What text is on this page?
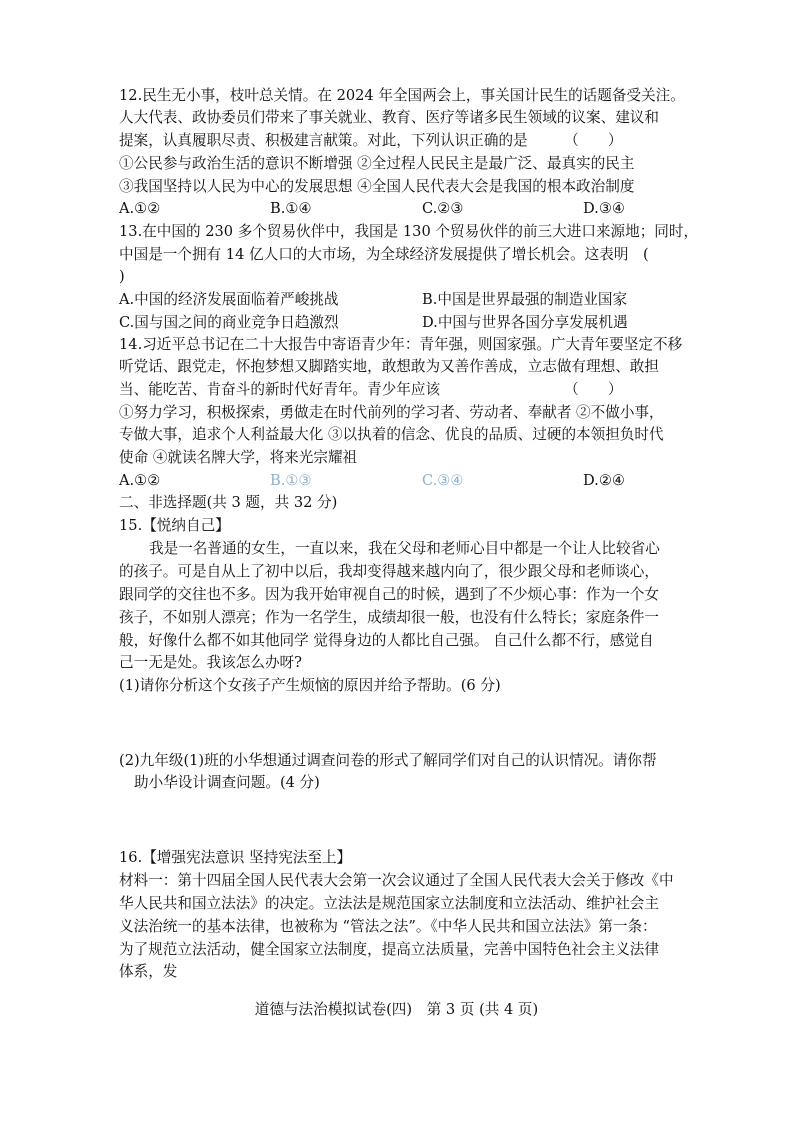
12.民生无小事，枝叶总关情。在 2024 年全国两会上，事关国计民生的话题备受关注。
人大代表、政协委员们带来了事关就业、教育、医疗等诸多民生领域的议案、建议和
提案，认真履职尽责、积极建言献策。对此，下列认识正确的是　　　（　　）
①公民参与政治生活的意识不断增强 ②全过程人民民主是最广泛、最真实的民主
③我国坚持以人民为中心的发展思想 ④全国人民代表大会是我国的根本政治制度
A.①②	B.①④	C.②③	D.③④
13.在中国的 230 多个贸易伙伴中，我国是 130 个贸易伙伴的前三大进口来源地；同时，
中国是一个拥有 14 亿人口的大市场，为全球经济发展提供了增长机会。这表明　(
)
A.中国的经济发展面临着严峻挑战	B.中国是世界最强的制造业国家
C.国与国之间的商业竞争日趋激烈	D.中国与世界各国分享发展机遇
14.习近平总书记在二十大报告中寄语青少年：青年强，则国家强。广大青年要坚定不移
听党话、跟党走，怀抱梦想又脚踏实地，敢想敢为又善作善成，立志做有理想、敢担
当、能吃苦、肯奋斗的新时代好青年。青少年应该　　　　　　　　　（　　）
①努力学习，积极探索，勇做走在时代前列的学习者、劳动者、奉献者 ②不做小事，
专做大事，追求个人利益最大化 ③以执着的信念、优良的品质、过硬的本领担负时代
使命 ④就读名牌大学，将来光宗耀祖
A.①②	B.①③	C.③④	D.②④
二、非选择题(共 3 题，共 32 分)
15.【悦纳自己】
我是一名普通的女生，一直以来，我在父母和老师心目中都是一个让人比较省心
的孩子。可是自从上了初中以后，我却变得越来越内向了，很少跟父母和老师谈心，
跟同学的交往也不多。因为我开始审视自己的时候，遇到了不少烦心事：作为一个女
孩子，不如别人漂亮；作为一名学生，成绩却很一般，也没有什么特长；家庭条件一
般，好像什么都不如其他同学 觉得身边的人都比自己强。 自己什么都不行，感觉自
己一无是处。我该怎么办呀?
(1)请你分析这个女孩子产生烦恼的原因并给予帮助。(6 分)
(2)九年级(1)班的小华想通过调查问卷的形式了解同学们对自己的认识情况。请你帮
助小华设计调查问题。(4 分)
16.【增强宪法意识 坚持宪法至上】
材料一：第十四届全国人民代表大会第一次会议通过了全国人民代表大会关于修改《中
华人民共和国立法法》的决定。立法法是规范国家立法制度和立法活动、维护社会主
义法治统一的基本法律，也被称为 “管法之法”。《中华人民共和国立法法》第一条：
为了规范立法活动，健全国家立法制度，提高立法质量，完善中国特色社会主义法律
体系，发
道德与法治模拟试卷(四)　第 3 页 (共 4 页)
